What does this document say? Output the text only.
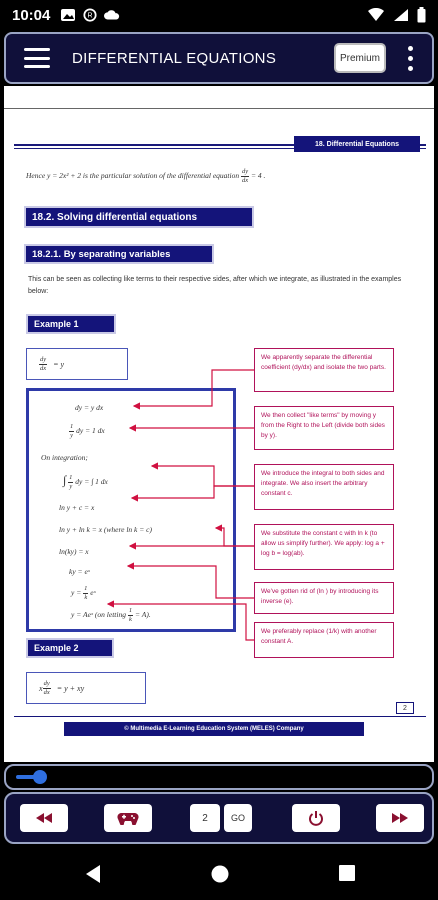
10:04	R
DIFFERENTIAL EQUATIONS	Premium
18. Differential Equations
Hence y = 2x² + 2 is the particular solution of the differential equation $\frac{dy}{dx} = 4$ .
18.2. Solving differential equations
18.2.1. By separating variables
This can be seen as collecting like terms to their respective sides, after which we integrate, as illustrated in the examples below:
Example 1
$\frac{dy}{dx} = y$
dy = y dx
$\frac{1}{y}$ dy = 1 dx
On integration;
∫ $\frac{1}{y}$ dy = ∫ 1 dx
ln y + c = x
ln y + ln k = x (where ln k = c)
ln(ky) = x
ky = eˣ
$y = \frac{1}{k}$ eˣ
y = Aeˣ (on letting $\frac{1}{k} = A$).
We apparently separate the differential coefficient (dy/dx) and isolate the two parts.
We then collect "like terms" by moving y from the Right to the Left (divide both sides by y).
We introduce the integral to both sides and integrate. We also insert the arbitrary constant c.
We substitute the constant c with ln k (to allow us simplify further). We apply: log a + log b = log(ab).
We've gotten rid of (ln ) by introducing its inverse (e).
We preferably replace (1/k) with another constant A.
Example 2
x $\frac{dy}{dx} = y$ + xy
2
© Multimedia E-Learning Education System (MELES) Company
2	GO
